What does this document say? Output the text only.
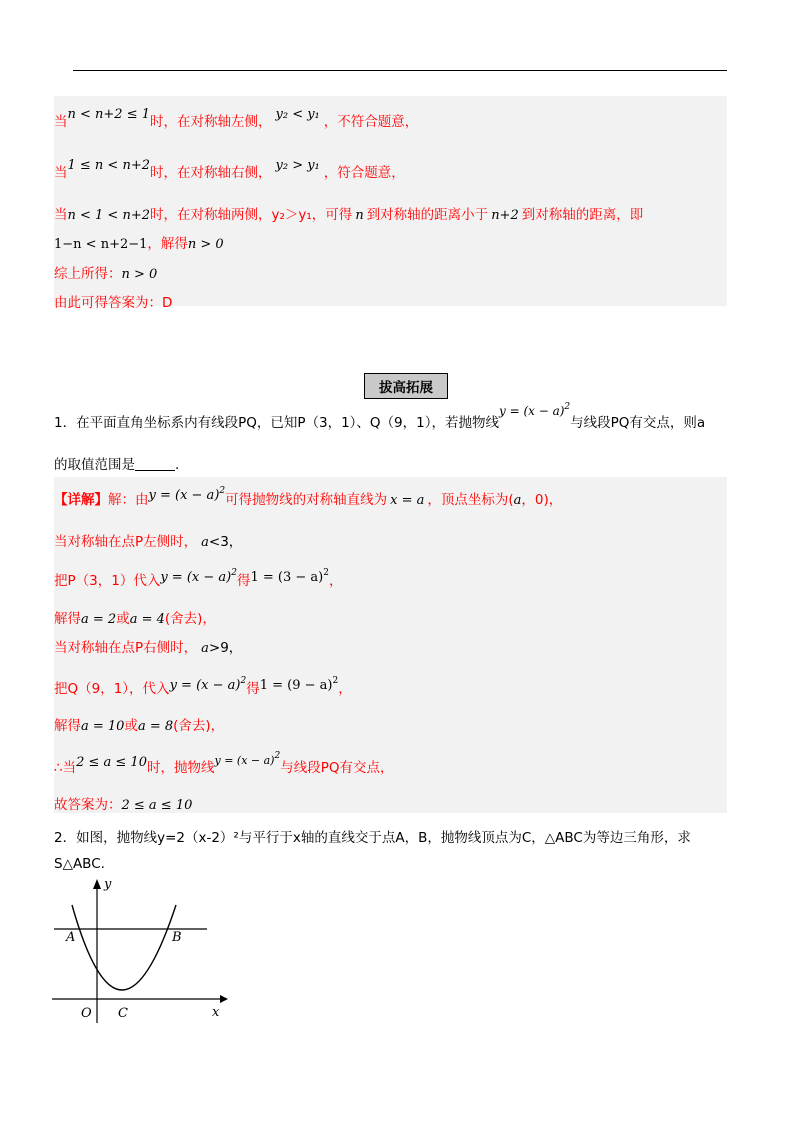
当n < n+2 ≤ 1时，在对称轴左侧， y₂ < y₁ ，不符合题意，
当1 ≤ n < n+2时，在对称轴右侧， y₂ > y₁ ，符合题意，
当n < 1 < n+2时，在对称轴两侧，y₂＞y₁，可得 n 到对称轴的距离小于 n+2 到对称轴的距离，即
1−n < n+2−1，解得n > 0
综上所得：n > 0
由此可得答案为：D
拔高拓展
1．在平面直角坐标系内有线段PQ，已知P（3，1）、Q（9，1），若抛物线$y = (x - a)^2$与线段PQ有交点，则a
的取值范围是	.
【详解】解：由$y = (x - a)^2$可得抛物线的对称轴直线为 x = a ，顶点坐标为(a，0)，
当对称轴在点P左侧时， a<3，
把P（3，1）代入$y = (x - a)^2$得$1 = (3 - a)^2$，
解得a = 2或a = 4(舍去)，
当对称轴在点P右侧时， a>9，
把Q（9，1），代入$y = (x - a)^2$得$1 = (9 - a)^2$，
解得a = 10或a = 8(舍去)，
∴当2 ≤ a ≤ 10时，抛物线$^{y = (x - a)^2}$与线段PQ有交点，
故答案为：2 ≤ a ≤ 10
2．如图，抛物线y=2（x-2）²与平行于x轴的直线交于点A，B，抛物线顶点为C，△ABC为等边三角形，求
S△ABC.
y
x
A	B
O C
